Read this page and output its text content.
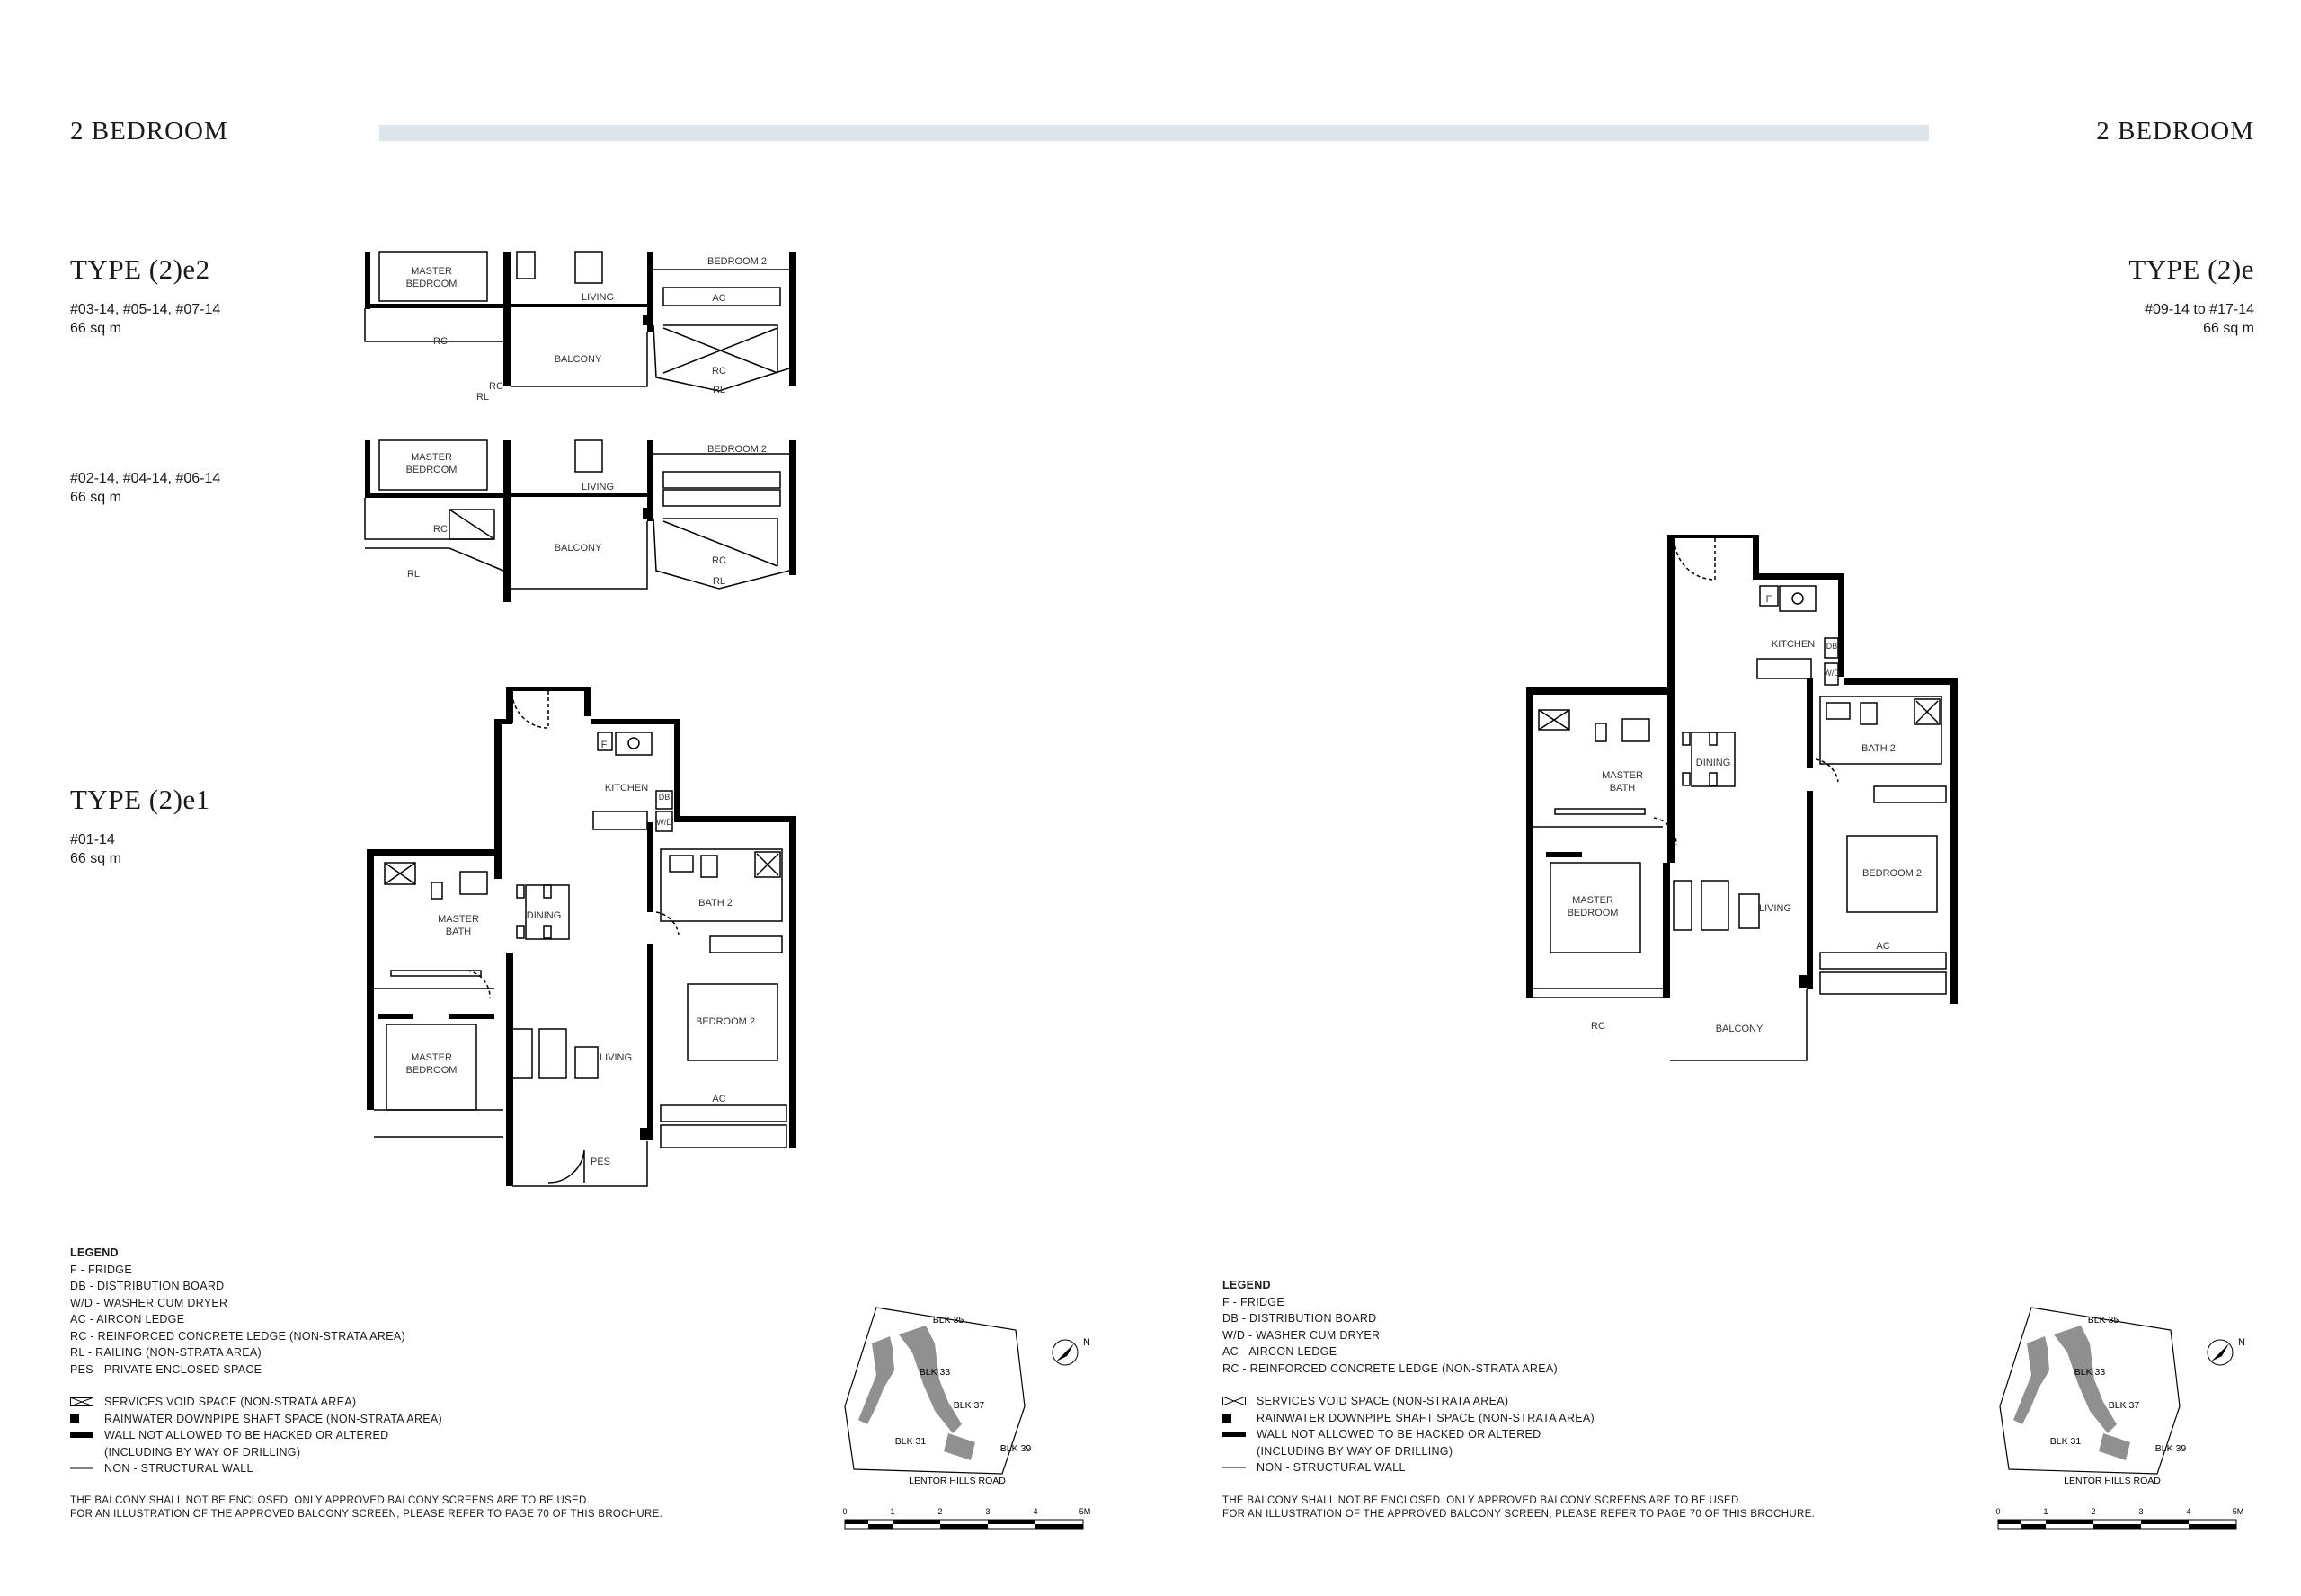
2 BEDROOM	2 BEDROOM
TYPE (2)e2
#03-14, #05-14, #07-14
66 sq m
#02-14, #04-14, #06-14
66 sq m
TYPE (2)e1
#01-14
66 sq m
TYPE (2)e
#09-14 to #17-14
66 sq m
MASTER
BEDROOM
LIVING
BEDROOM 2
AC
RC
BALCONY
RC
RL
RL
RC
MASTER
BEDROOM
LIVING
BEDROOM 2
RC
BALCONY
RC
RL
RL
KITCHEN
F
DB
W/D
MASTER
BATH
DINING
BATH 2
BEDROOM 2
LIVING
MASTER
BEDROOM
AC
PES
KITCHEN
F
DB
W/D
MASTER
BATH
DINING
BATH 2
BEDROOM 2
LIVING
MASTER
BEDROOM
AC
RC	BALCONY
LEGEND
F - FRIDGE
DB - DISTRIBUTION BOARD
W/D - WASHER CUM DRYER
AC - AIRCON LEDGE
RC - REINFORCED CONCRETE LEDGE (NON-STRATA AREA)
RL - RAILING (NON-STRATA AREA)
PES - PRIVATE ENCLOSED SPACE
SERVICES VOID SPACE (NON-STRATA AREA)
RAINWATER DOWNPIPE SHAFT SPACE (NON-STRATA AREA)
WALL NOT ALLOWED TO BE HACKED OR ALTERED
(INCLUDING BY WAY OF DRILLING)
NON - STRUCTURAL WALL
THE BALCONY SHALL NOT BE ENCLOSED. ONLY APPROVED BALCONY SCREENS ARE TO BE USED.
FOR AN ILLUSTRATION OF THE APPROVED BALCONY SCREEN, PLEASE REFER TO PAGE 70 OF THIS BROCHURE.
LEGEND
F - FRIDGE
DB - DISTRIBUTION BOARD
W/D - WASHER CUM DRYER
AC - AIRCON LEDGE
RC - REINFORCED CONCRETE LEDGE (NON-STRATA AREA)
SERVICES VOID SPACE (NON-STRATA AREA)
RAINWATER DOWNPIPE SHAFT SPACE (NON-STRATA AREA)
WALL NOT ALLOWED TO BE HACKED OR ALTERED
(INCLUDING BY WAY OF DRILLING)
NON - STRUCTURAL WALL
THE BALCONY SHALL NOT BE ENCLOSED. ONLY APPROVED BALCONY SCREENS ARE TO BE USED.
FOR AN ILLUSTRATION OF THE APPROVED BALCONY SCREEN, PLEASE REFER TO PAGE 70 OF THIS BROCHURE.
BLK 35
BLK 33
BLK 37
BLK 31
BLK 39
LENTOR HILLS ROAD
N
0	1	2	3	4	5M
BLK 35
BLK 33
BLK 37
BLK 31
BLK 39
LENTOR HILLS ROAD
N
0	1	2	3	4	5M
